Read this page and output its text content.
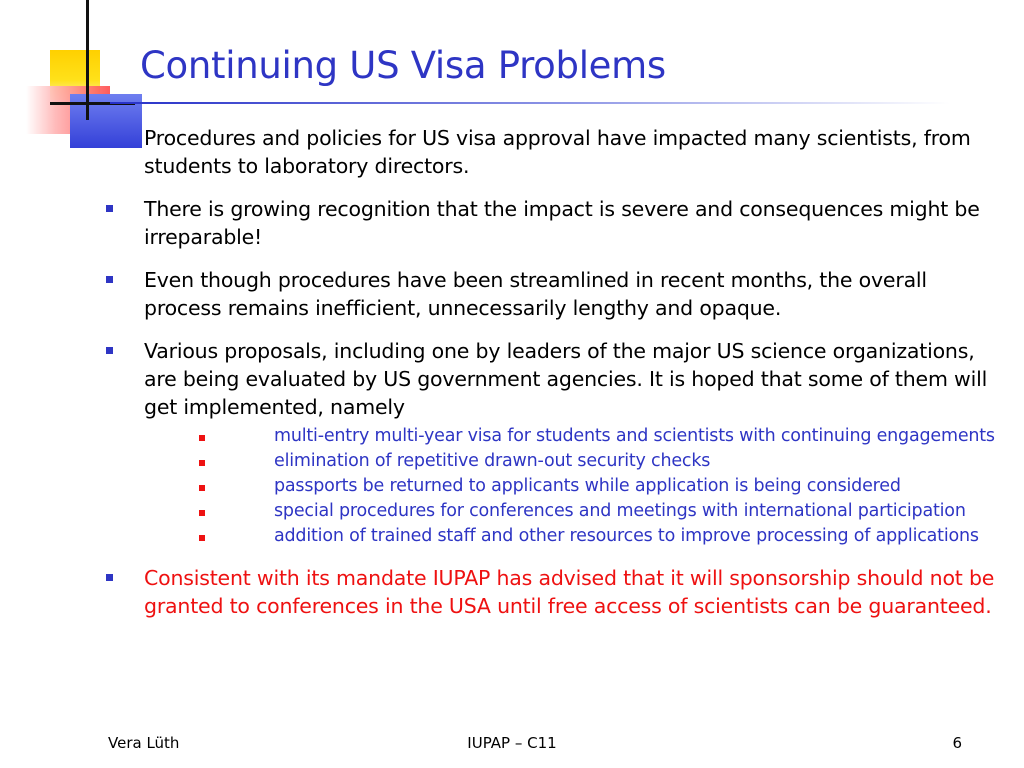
Continuing US Visa Problems
Procedures and policies for US visa approval have impacted many scientists, from students to laboratory directors.
There is growing recognition that the impact is severe and consequences might be irreparable!
Even though procedures have been streamlined in recent months, the overall process remains inefficient, unnecessarily lengthy and opaque.
Various proposals, including one by leaders of the major US science organizations, are being evaluated by US government agencies. It is hoped that some of them will get implemented, namely
multi-entry multi-year visa for students and scientists with continuing engagements
elimination of repetitive drawn-out security checks
passports be returned to applicants while application is being considered
special procedures for conferences and meetings with international participation
addition of trained staff and other resources to improve processing of applications
Consistent with its mandate IUPAP has advised that it will sponsorship should not be granted to conferences in the USA until free access of scientists can be guaranteed.
IUPAP – C11
Vera Lüth	6
